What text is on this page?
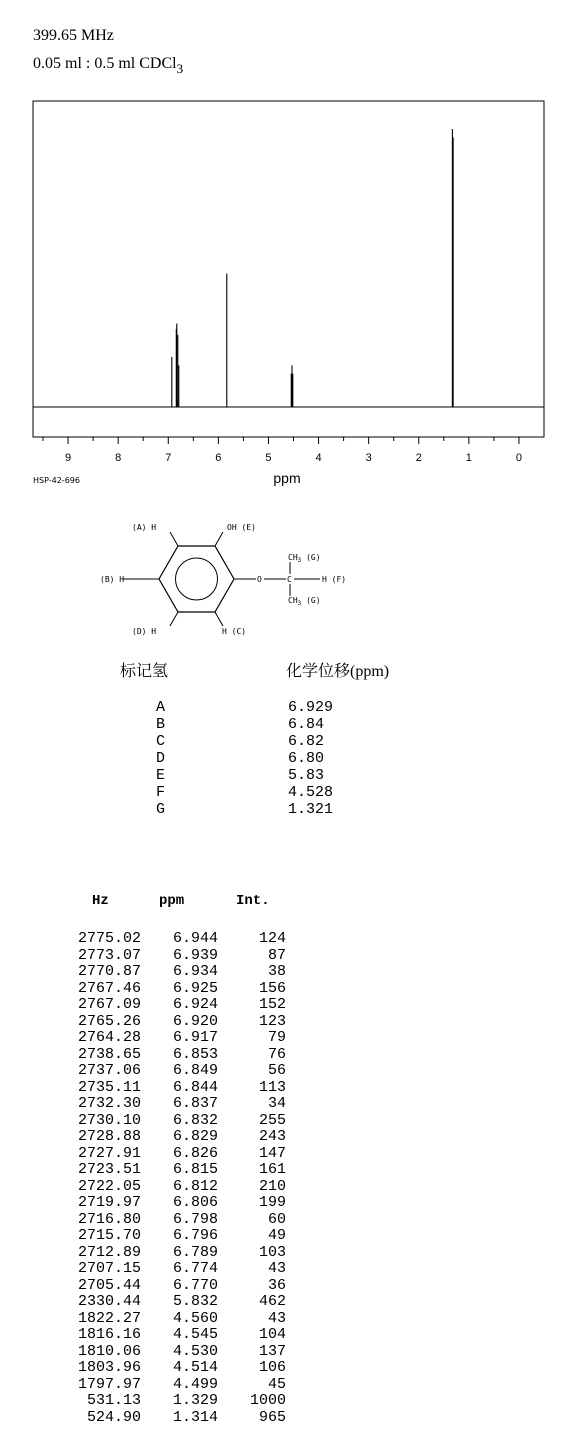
399.65 MHz
0.05 ml : 0.5 ml CDCl$_3$
9	8	7	6	5	4	3	2	1	0
ppm
HSP-42-696
(A) H	OH (E)
(B) H	O	C	H (F)
$CH_3$ (G)
$CH_3$ (G)
(D) H	H (C)
标记氢	化学位移(ppm)
A	6.929
B	6.84
C	6.82
D	6.80
E	5.83
F	4.528
G	1.321
Hz	ppm	Int.
2775.02 6.944	124
2773.07 6.939	87
2770.87 6.934	38
2767.46 6.925	156
2767.09 6.924	152
2765.26 6.920	123
2764.28 6.917	79
2738.65 6.853	76
2737.06 6.849	56
2735.11 6.844	113
2732.30 6.837	34
2730.10 6.832	255
2728.88 6.829	243
2727.91 6.826	147
2723.51 6.815	161
2722.05 6.812	210
2719.97 6.806	199
2716.80 6.798	60
2715.70 6.796	49
2712.89 6.789	103
2707.15 6.774	43
2705.44 6.770	36
2330.44 5.832	462
1822.27 4.560	43
1816.16 4.545	104
1810.06 4.530	137
1803.96 4.514	106
1797.97 4.499	45
531.13 1.329 1000
524.90 1.314	965
